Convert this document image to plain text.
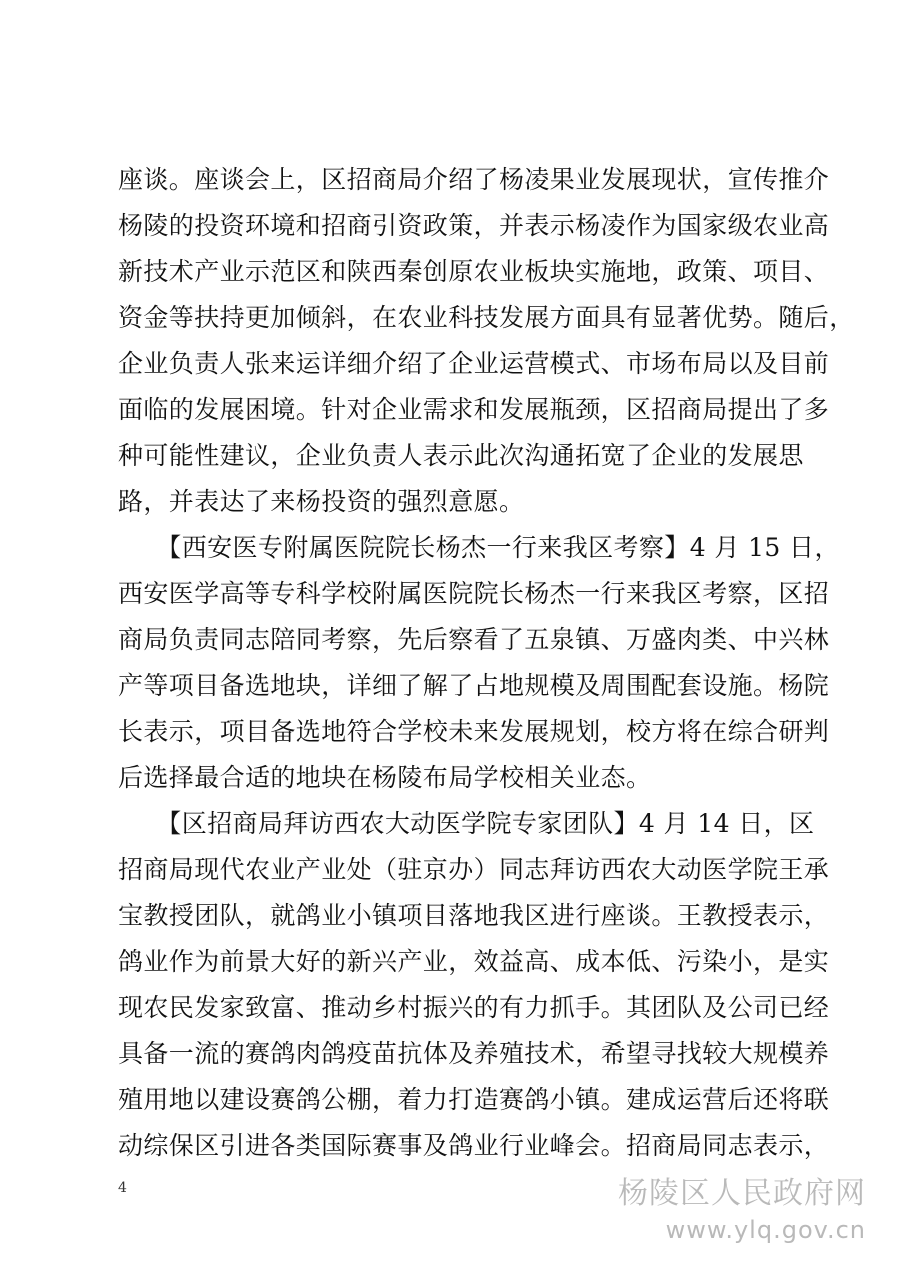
座谈。座谈会上，区招商局介绍了杨凌果业发展现状，宣传推介
杨陵的投资环境和招商引资政策，并表示杨凌作为国家级农业高
新技术产业示范区和陕西秦创原农业板块实施地，政策、项目、
资金等扶持更加倾斜，在农业科技发展方面具有显著优势。随后，
企业负责人张来运详细介绍了企业运营模式、市场布局以及目前
面临的发展困境。针对企业需求和发展瓶颈，区招商局提出了多
种可能性建议，企业负责人表示此次沟通拓宽了企业的发展思
路，并表达了来杨投资的强烈意愿。
　　【西安医专附属医院院长杨杰一行来我区考察】4 月 15 日，
西安医学高等专科学校附属医院院长杨杰一行来我区考察，区招
商局负责同志陪同考察，先后察看了五泉镇、万盛肉类、中兴林
产等项目备选地块，详细了解了占地规模及周围配套设施。杨院
长表示，项目备选地符合学校未来发展规划，校方将在综合研判
后选择最合适的地块在杨陵布局学校相关业态。
　　【区招商局拜访西农大动医学院专家团队】4 月 14 日，区
招商局现代农业产业处（驻京办）同志拜访西农大动医学院王承
宝教授团队，就鸽业小镇项目落地我区进行座谈。王教授表示，
鸽业作为前景大好的新兴产业，效益高、成本低、污染小，是实
现农民发家致富、推动乡村振兴的有力抓手。其团队及公司已经
具备一流的赛鸽肉鸽疫苗抗体及养殖技术，希望寻找较大规模养
殖用地以建设赛鸽公棚，着力打造赛鸽小镇。建成运营后还将联
动综保区引进各类国际赛事及鸽业行业峰会。招商局同志表示，
4	杨陵区人民政府网
www.ylq.gov.cn
